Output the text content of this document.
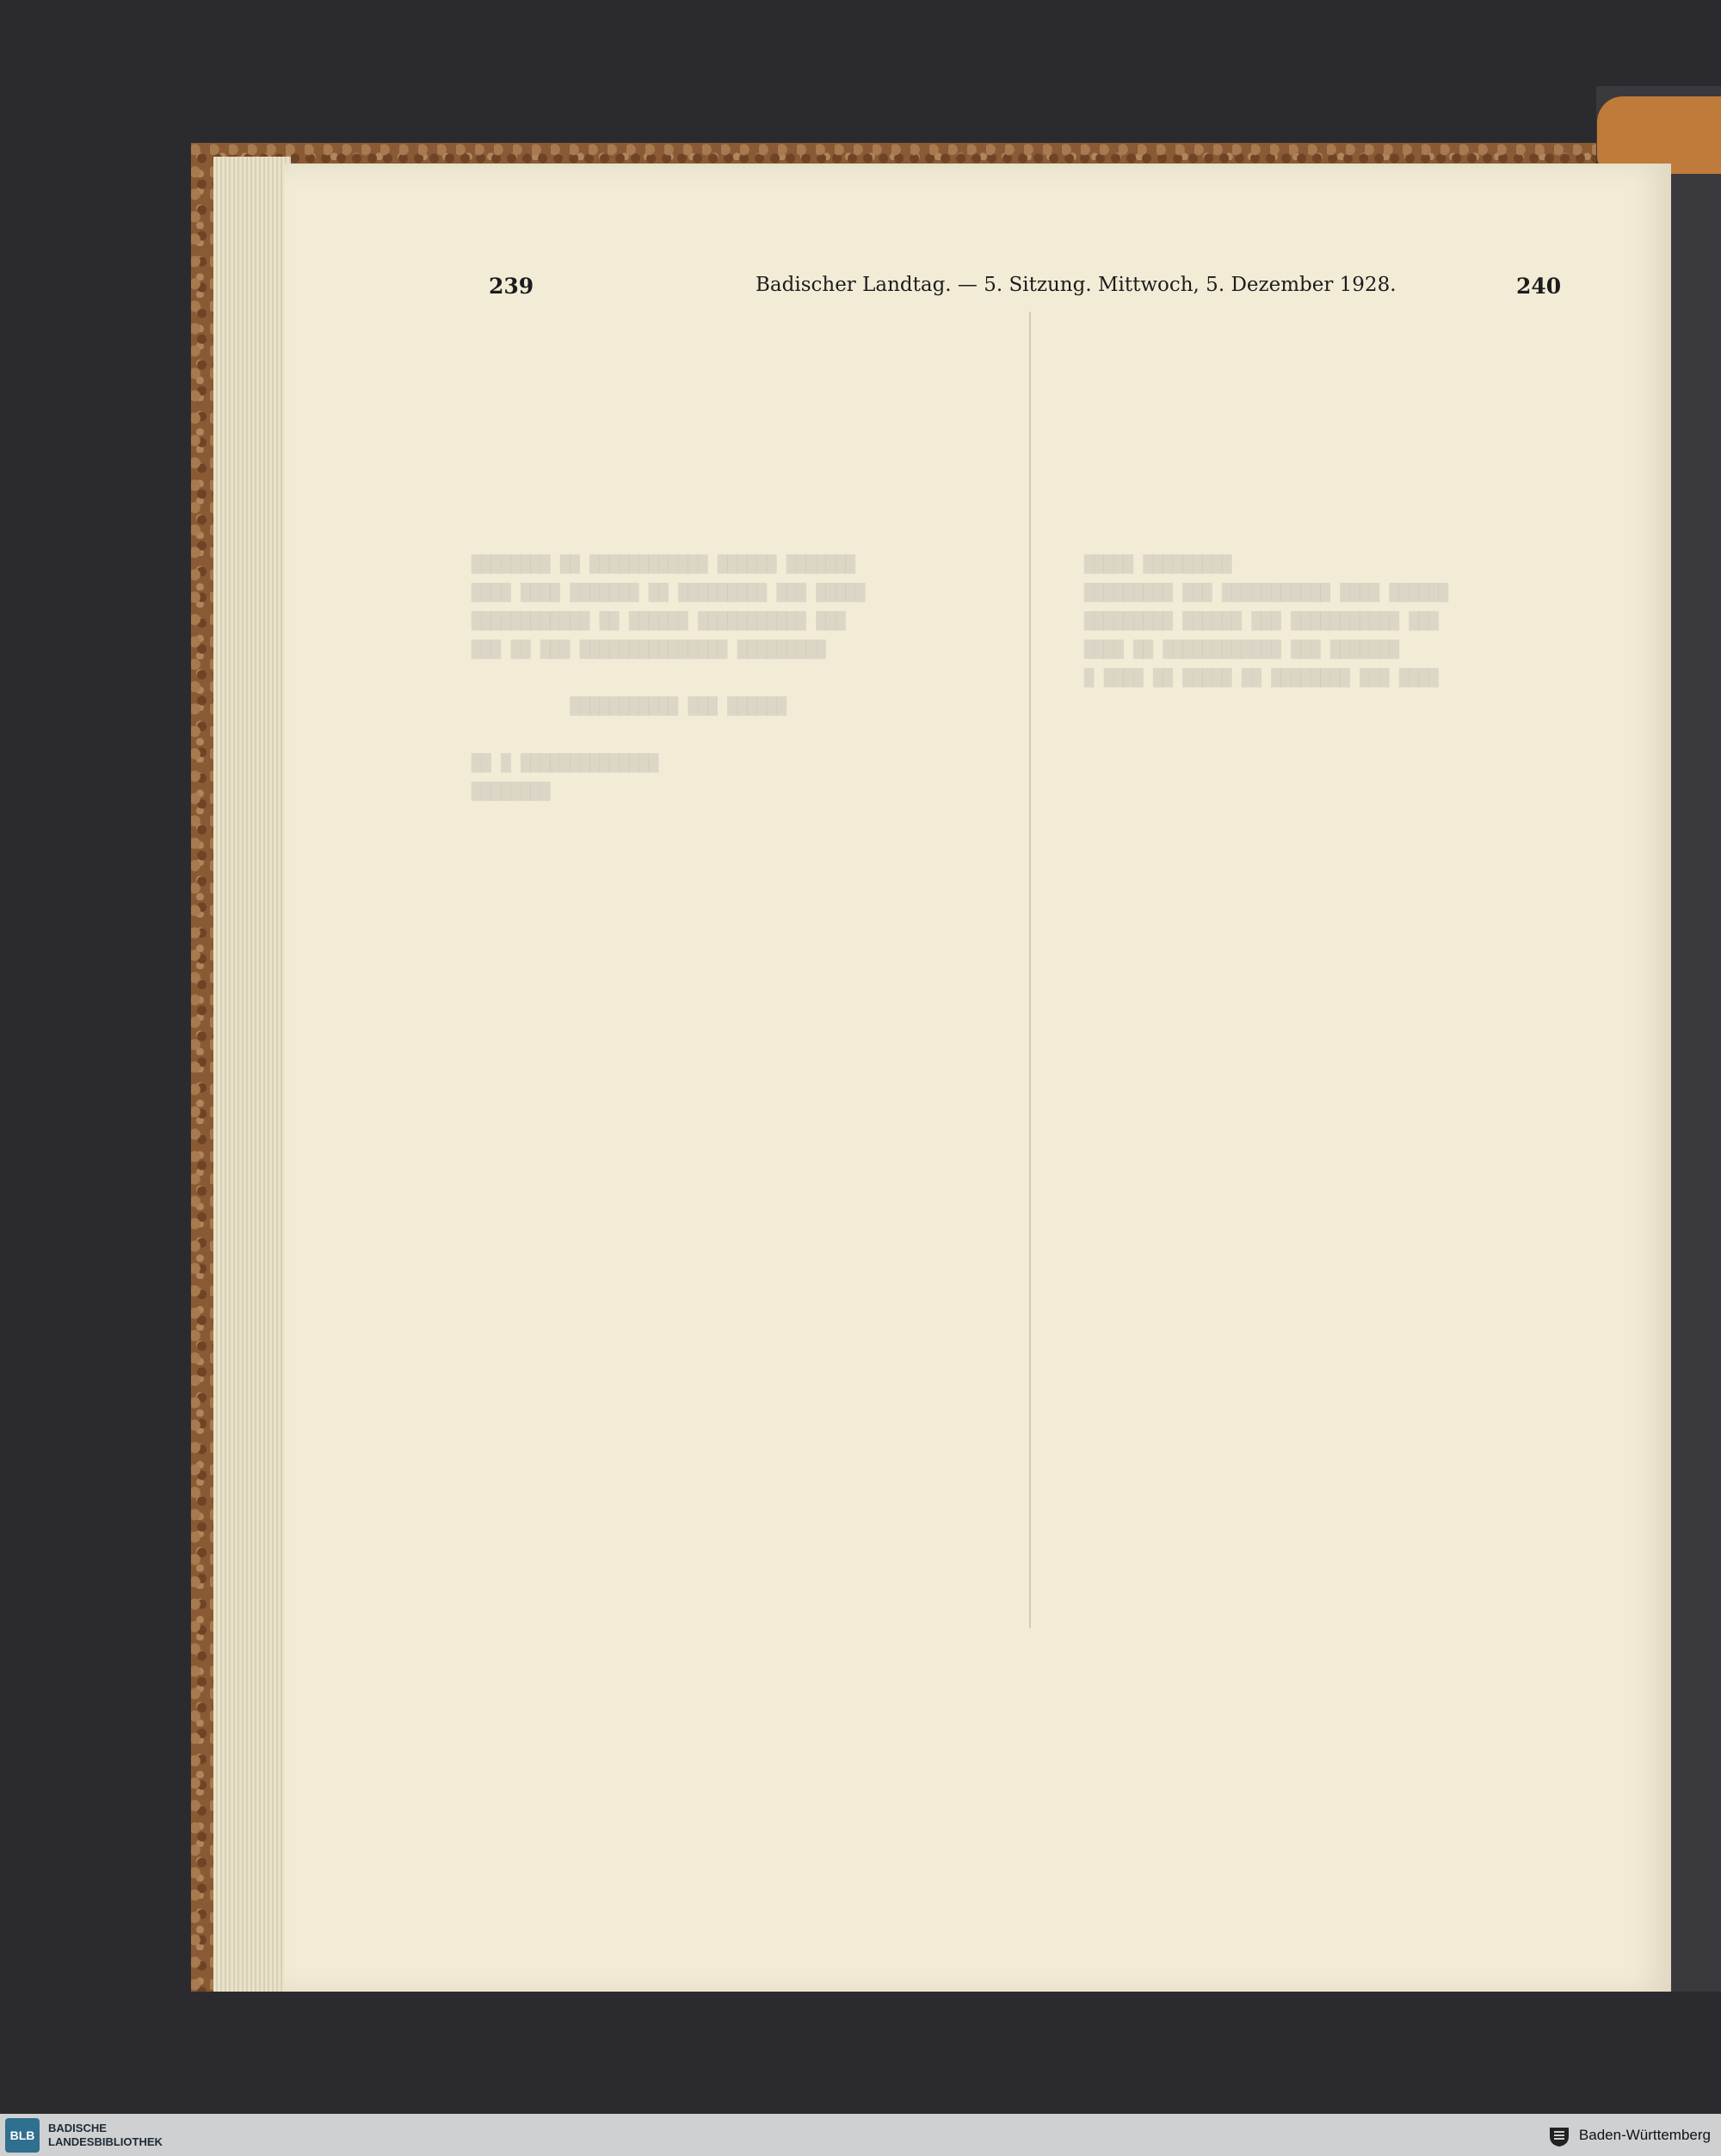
239	Badischer Landtag. — 5. Sitzung. Mittwoch, 5. Dezember 1928.	240
████████ ██ ████████████ ██████ ███████
████ ████ ███████ ██ █████████ ███ █████
████████████ ██ ██████ ███████████ ███
███ ██ ███ ███████████████ █████████

███████████ ███ ██████

██ █ ██████████████
████████

█████ █████████
█████████ ███ ███████████ ████ ██████
█████████ ██████ ███ ███████████ ███
████ ██ ████████████ ███ ███████
█ ████ ██ █████ ██ ████████ ███ ████
BLB
BADISCHE
LANDESBIBLIOTHEK	Baden-Württemberg
